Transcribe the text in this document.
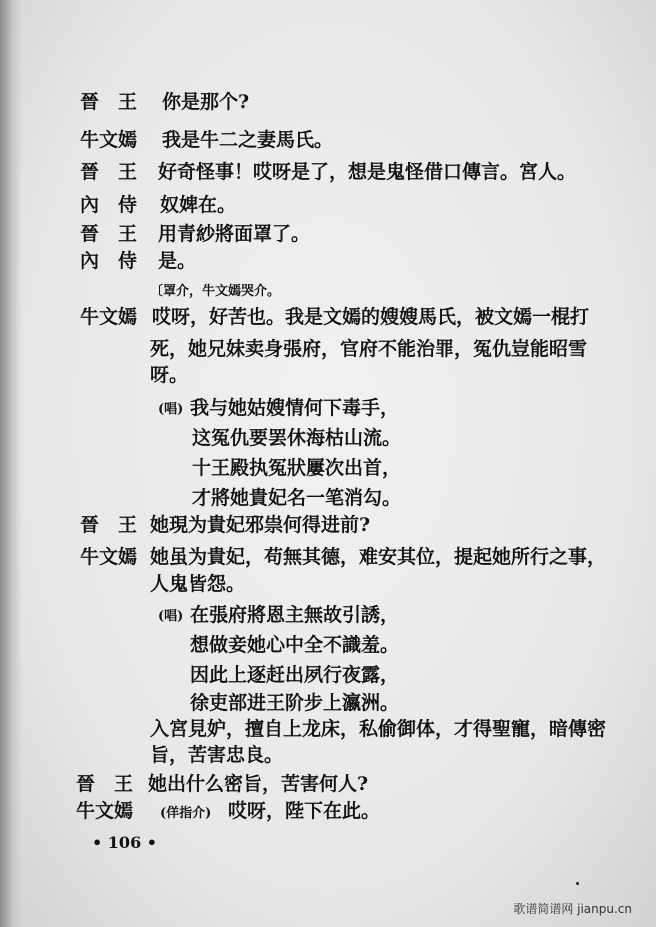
晉　王 你是那个?
牛文嫣 我是牛二之妻馬氏。
晉　王 好奇怪事！哎呀是了，想是鬼怪借口傳言。宮人。
內　侍 奴婢在。
晉　王 用青紗將面罩了。
內　侍 是。
〔罩介，牛文嫣哭介。
牛文嫣 哎呀，好苦也。我是文嫣的嫂嫂馬氏，被文嫣一棍打
死，她兄妹卖身張府，官府不能治罪，冤仇豈能昭雪
呀。
(唱) 我与她姑嫂情何下毒手，
这冤仇要罢休海枯山流。
十王殿执冤狀屢次出首，
才將她貴妃名一笔消勾。
晉　王 她現为貴妃邪祟何得进前?
牛文嫣 她虽为貴妃，苟無其德，难安其位，提起她所行之事，
人鬼皆怨。
(唱) 在張府將恩主無故引誘，
想做妾她心中全不識羞。
因此上逐赶出夙行夜露，
徐吏部进王阶步上瀛洲。
入宮見妒，擅自上龙床，私偷御体，才得聖寵，暗傳密
旨，苦害忠良。
晉　王 她出什么密旨，苦害何人?
牛文嫣 (佯指介) 哎呀，陛下在此。
• 106 •
歌谱简谱网 jianpu.cn
